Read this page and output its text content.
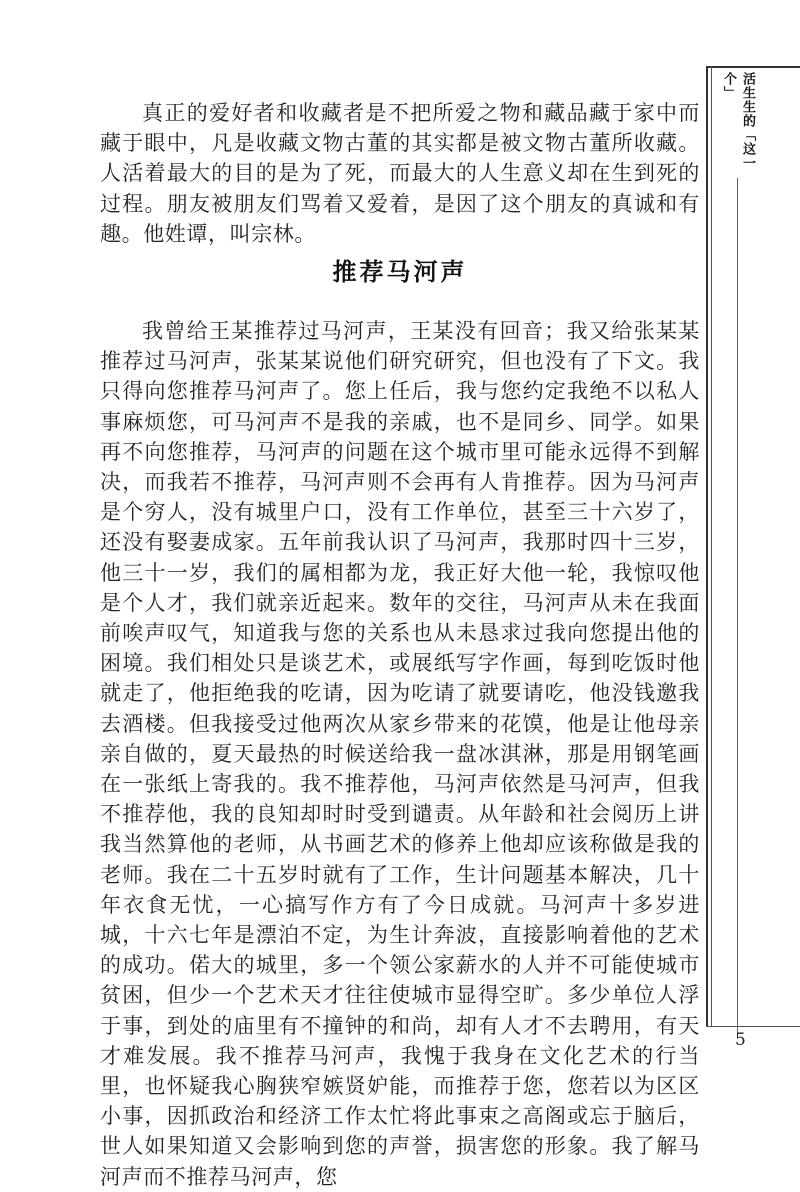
活生生的「这一个」

真正的爱好者和收藏者是不把所爱之物和藏品藏于家中而藏于眼中，凡是收藏文物古董的其实都是被文物古董所收藏。人活着最大的目的是为了死，而最大的人生意义却在生到死的过程。朋友被朋友们骂着又爱着，是因了这个朋友的真诚和有趣。他姓谭，叫宗林。

推荐马河声

我曾给王某推荐过马河声，王某没有回音；我又给张某某推荐过马河声，张某某说他们研究研究，但也没有了下文。我只得向您推荐马河声了。您上任后，我与您约定我绝不以私人事麻烦您，可马河声不是我的亲戚，也不是同乡、同学。如果再不向您推荐，马河声的问题在这个城市里可能永远得不到解决，而我若不推荐，马河声则不会再有人肯推荐。因为马河声是个穷人，没有城里户口，没有工作单位，甚至三十六岁了，还没有娶妻成家。五年前我认识了马河声，我那时四十三岁，他三十一岁，我们的属相都为龙，我正好大他一轮，我惊叹他是个人才，我们就亲近起来。数年的交往，马河声从未在我面前唉声叹气，知道我与您的关系也从未恳求过我向您提出他的困境。我们相处只是谈艺术，或展纸写字作画，每到吃饭时他就走了，他拒绝我的吃请，因为吃请了就要请吃，他没钱邀我去酒楼。但我接受过他两次从家乡带来的花馍，他是让他母亲亲自做的，夏天最热的时候送给我一盘冰淇淋，那是用钢笔画在一张纸上寄我的。我不推荐他，马河声依然是马河声，但我不推荐他，我的良知却时时受到谴责。从年龄和社会阅历上讲我当然算他的老师，从书画艺术的修养上他却应该称做是我的老师。我在二十五岁时就有了工作，生计问题基本解决，几十年衣食无忧，一心搞写作方有了今日成就。马河声十多岁进城，十六七年是漂泊不定，为生计奔波，直接影响着他的艺术的成功。偌大的城里，多一个领公家薪水的人并不可能使城市贫困，但少一个艺术天才往往使城市显得空旷。多少单位人浮于事，到处的庙里有不撞钟的和尚，却有人才不去聘用，有天才难发展。我不推荐马河声，我愧于我身在文化艺术的行当里，也怀疑我心胸狭窄嫉贤妒能，而推荐于您，您若以为区区小事，因抓政治和经济工作太忙将此事束之高阁或忘于脑后，世人如果知道又会影响到您的声誉，损害您的形象。我了解马河声而不推荐马河声，您

5
